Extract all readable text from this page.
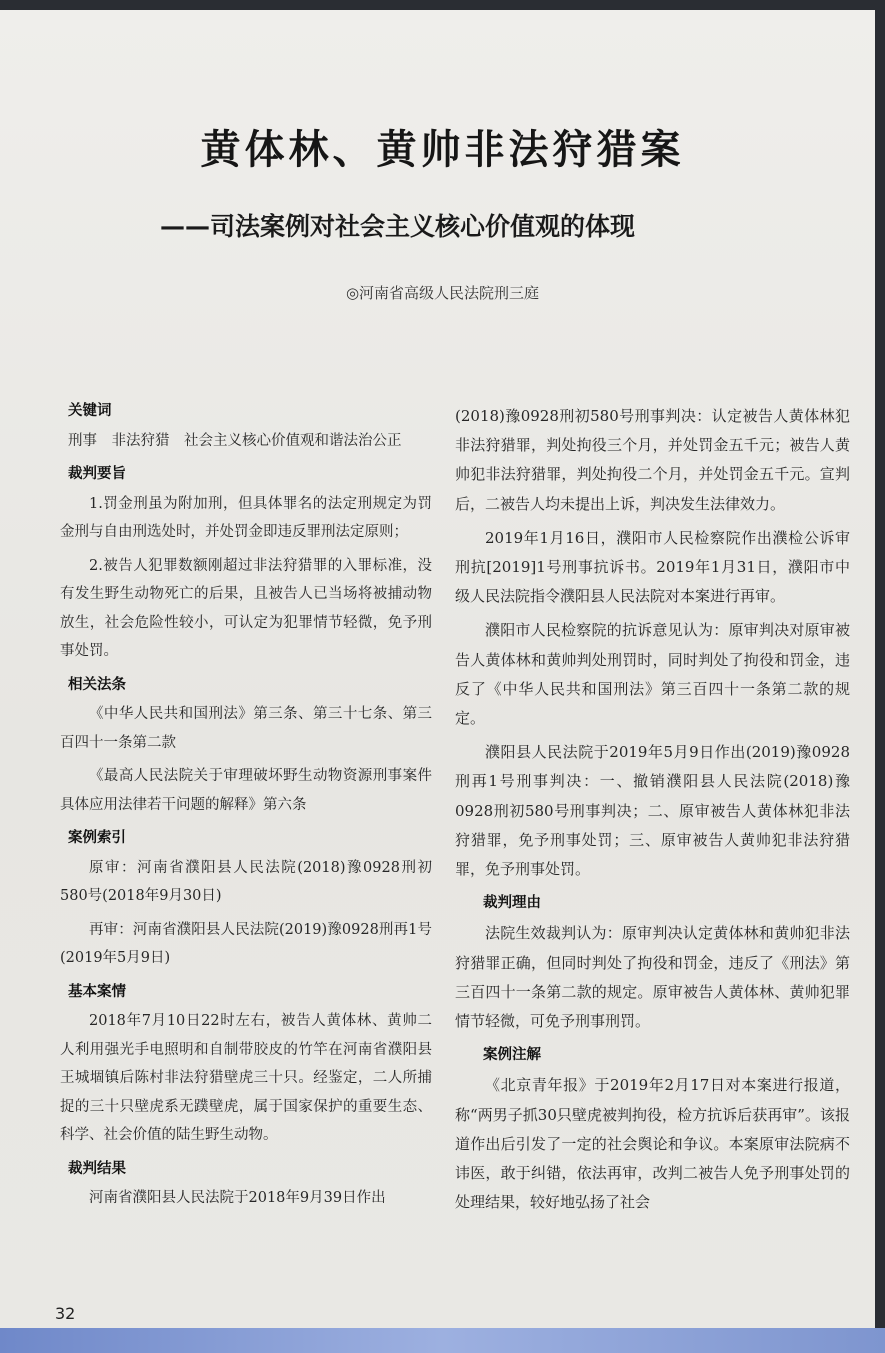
黄体林、黄帅非法狩猎案
——司法案例对社会主义核心价值观的体现
◎河南省高级人民法院刑三庭
关键词

刑事　非法狩猎　社会主义核心价值观和谐法治公正

裁判要旨

1.罚金刑虽为附加刑，但具体罪名的法定刑规定为罚金刑与自由刑选处时，并处罚金即违反罪刑法定原则；

2.被告人犯罪数额刚超过非法狩猎罪的入罪标准，没有发生野生动物死亡的后果，且被告人已当场将被捕动物放生，社会危险性较小，可认定为犯罪情节轻微，免予刑事处罚。

相关法条

《中华人民共和国刑法》第三条、第三十七条、第三百四十一条第二款

《最高人民法院关于审理破坏野生动物资源刑事案件具体应用法律若干问题的解释》第六条

案例索引

原审：河南省濮阳县人民法院(2018)豫0928刑初580号(2018年9月30日)

再审：河南省濮阳县人民法院(2019)豫0928刑再1号(2019年5月9日)

基本案情

2018年7月10日22时左右，被告人黄体林、黄帅二人利用强光手电照明和自制带胶皮的竹竿在河南省濮阳县王城堌镇后陈村非法狩猎壁虎三十只。经鉴定，二人所捕捉的三十只壁虎系无蹼壁虎，属于国家保护的重要生态、科学、社会价值的陆生野生动物。

裁判结果

河南省濮阳县人民法院于2018年9月39日作出

(2018)豫0928刑初580号刑事判决：认定被告人黄体林犯非法狩猎罪，判处拘役三个月，并处罚金五千元；被告人黄帅犯非法狩猎罪，判处拘役二个月，并处罚金五千元。宣判后，二被告人均未提出上诉，判决发生法律效力。

2019年1月16日，濮阳市人民检察院作出濮检公诉审刑抗[2019]1号刑事抗诉书。2019年1月31日，濮阳市中级人民法院指令濮阳县人民法院对本案进行再审。

濮阳市人民检察院的抗诉意见认为：原审判决对原审被告人黄体林和黄帅判处刑罚时，同时判处了拘役和罚金，违反了《中华人民共和国刑法》第三百四十一条第二款的规定。

濮阳县人民法院于2019年5月9日作出(2019)豫0928刑再1号刑事判决：一、撤销濮阳县人民法院(2018)豫0928刑初580号刑事判决；二、原审被告人黄体林犯非法狩猎罪，免予刑事处罚；三、原审被告人黄帅犯非法狩猎罪，免予刑事处罚。

裁判理由

法院生效裁判认为：原审判决认定黄体林和黄帅犯非法狩猎罪正确，但同时判处了拘役和罚金，违反了《刑法》第三百四十一条第二款的规定。原审被告人黄体林、黄帅犯罪情节轻微，可免予刑事刑罚。

案例注解

《北京青年报》于2019年2月17日对本案进行报道，称“两男子抓30只壁虎被判拘役，检方抗诉后获再审”。该报道作出后引发了一定的社会舆论和争议。本案原审法院病不讳医，敢于纠错，依法再审，改判二被告人免予刑事处罚的处理结果，较好地弘扬了社会

32
